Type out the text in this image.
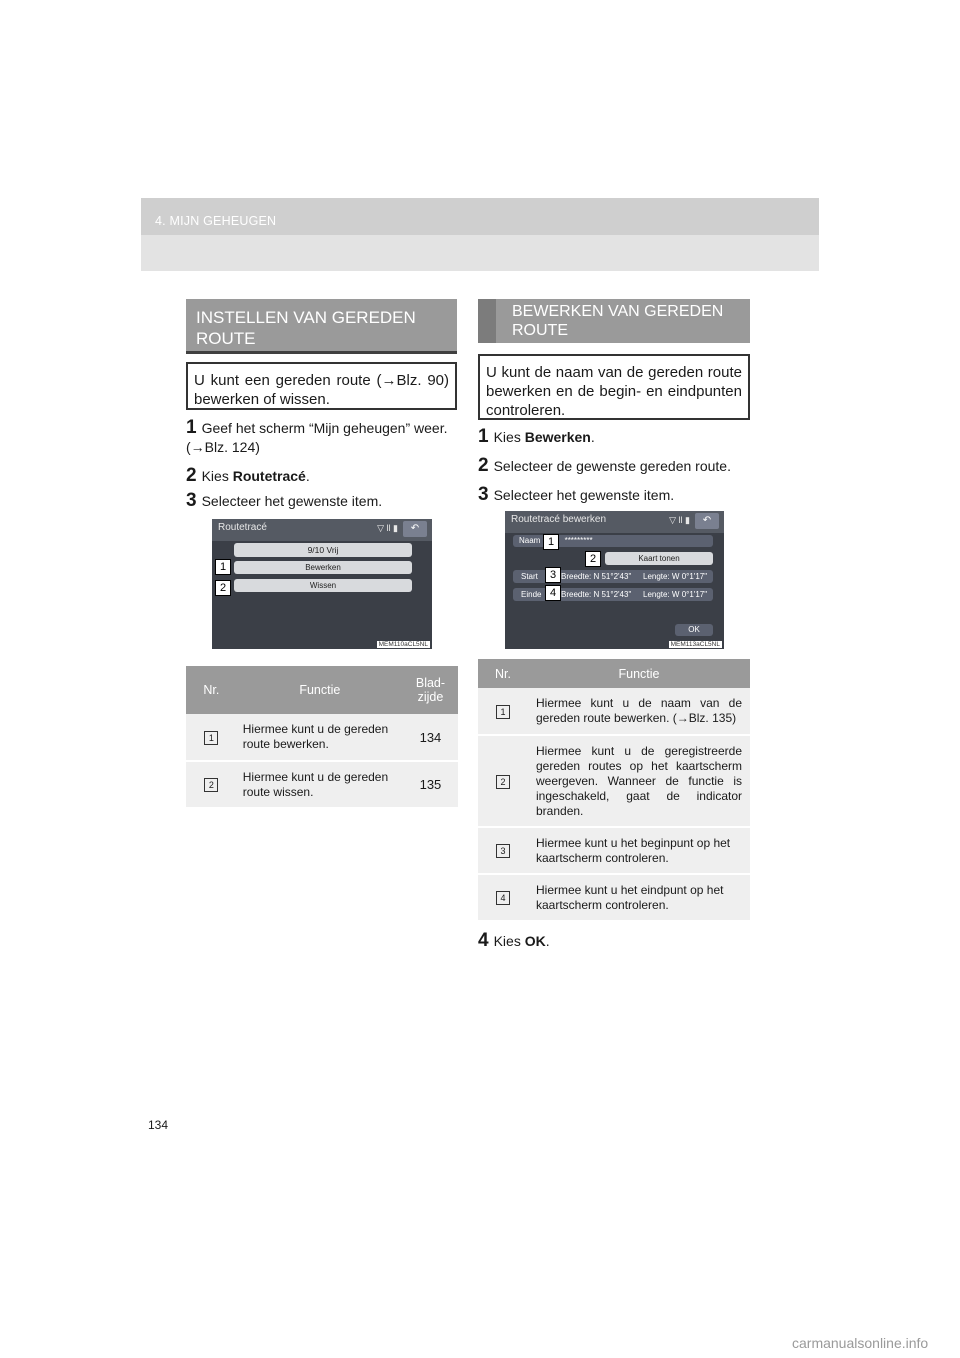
4. MIJN GEHEUGEN
INSTELLEN VAN GEREDEN ROUTE
U kunt een gereden route (→Blz. 90) bewerken of wissen.
1 Geef het scherm “Mijn geheugen” weer. (→Blz. 124)
2 Kies Routetracé.
3 Selecteer het gewenste item.
Routetracé	▽ ll ▮	↶
9/10 Vrij
Bewerken
Wissen
1
2
MEM110aCL5NL
Nr.	Functie	Blad-zijde
1	Hiermee kunt u de gereden route bewerken.	134
2	Hiermee kunt u de gereden route wissen.	135
BEWERKEN VAN GEREDEN ROUTE
U kunt de naam van de gereden route bewerken en de begin- en eindpunten controleren.
1 Kies Bewerken.
2 Selecteer de gewenste gereden route.
3 Selecteer het gewenste item.
Routetracé bewerken	▽ ll ▮	↶
Naam	*********
Kaart tonen
Start	Breedte: N 51°2'43" Lengte: W 0°1'17"
Einde Breedte: N 51°2'43" Lengte: W 0°1'17"
OK
1
2
3
4
MEM113aCL5NL
Nr.	Functie
1	Hiermee kunt u de naam van de gereden route bewerken. (→Blz. 135)
2	Hiermee kunt u de geregistreerde gereden routes op het kaartscherm weergeven. Wanneer de functie is ingeschakeld, gaat de indicator branden.
3	Hiermee kunt u het beginpunt op het kaartscherm controleren.
4	Hiermee kunt u het eindpunt op het kaartscherm controleren.
4 Kies OK.
134
carmanualsonline.info
